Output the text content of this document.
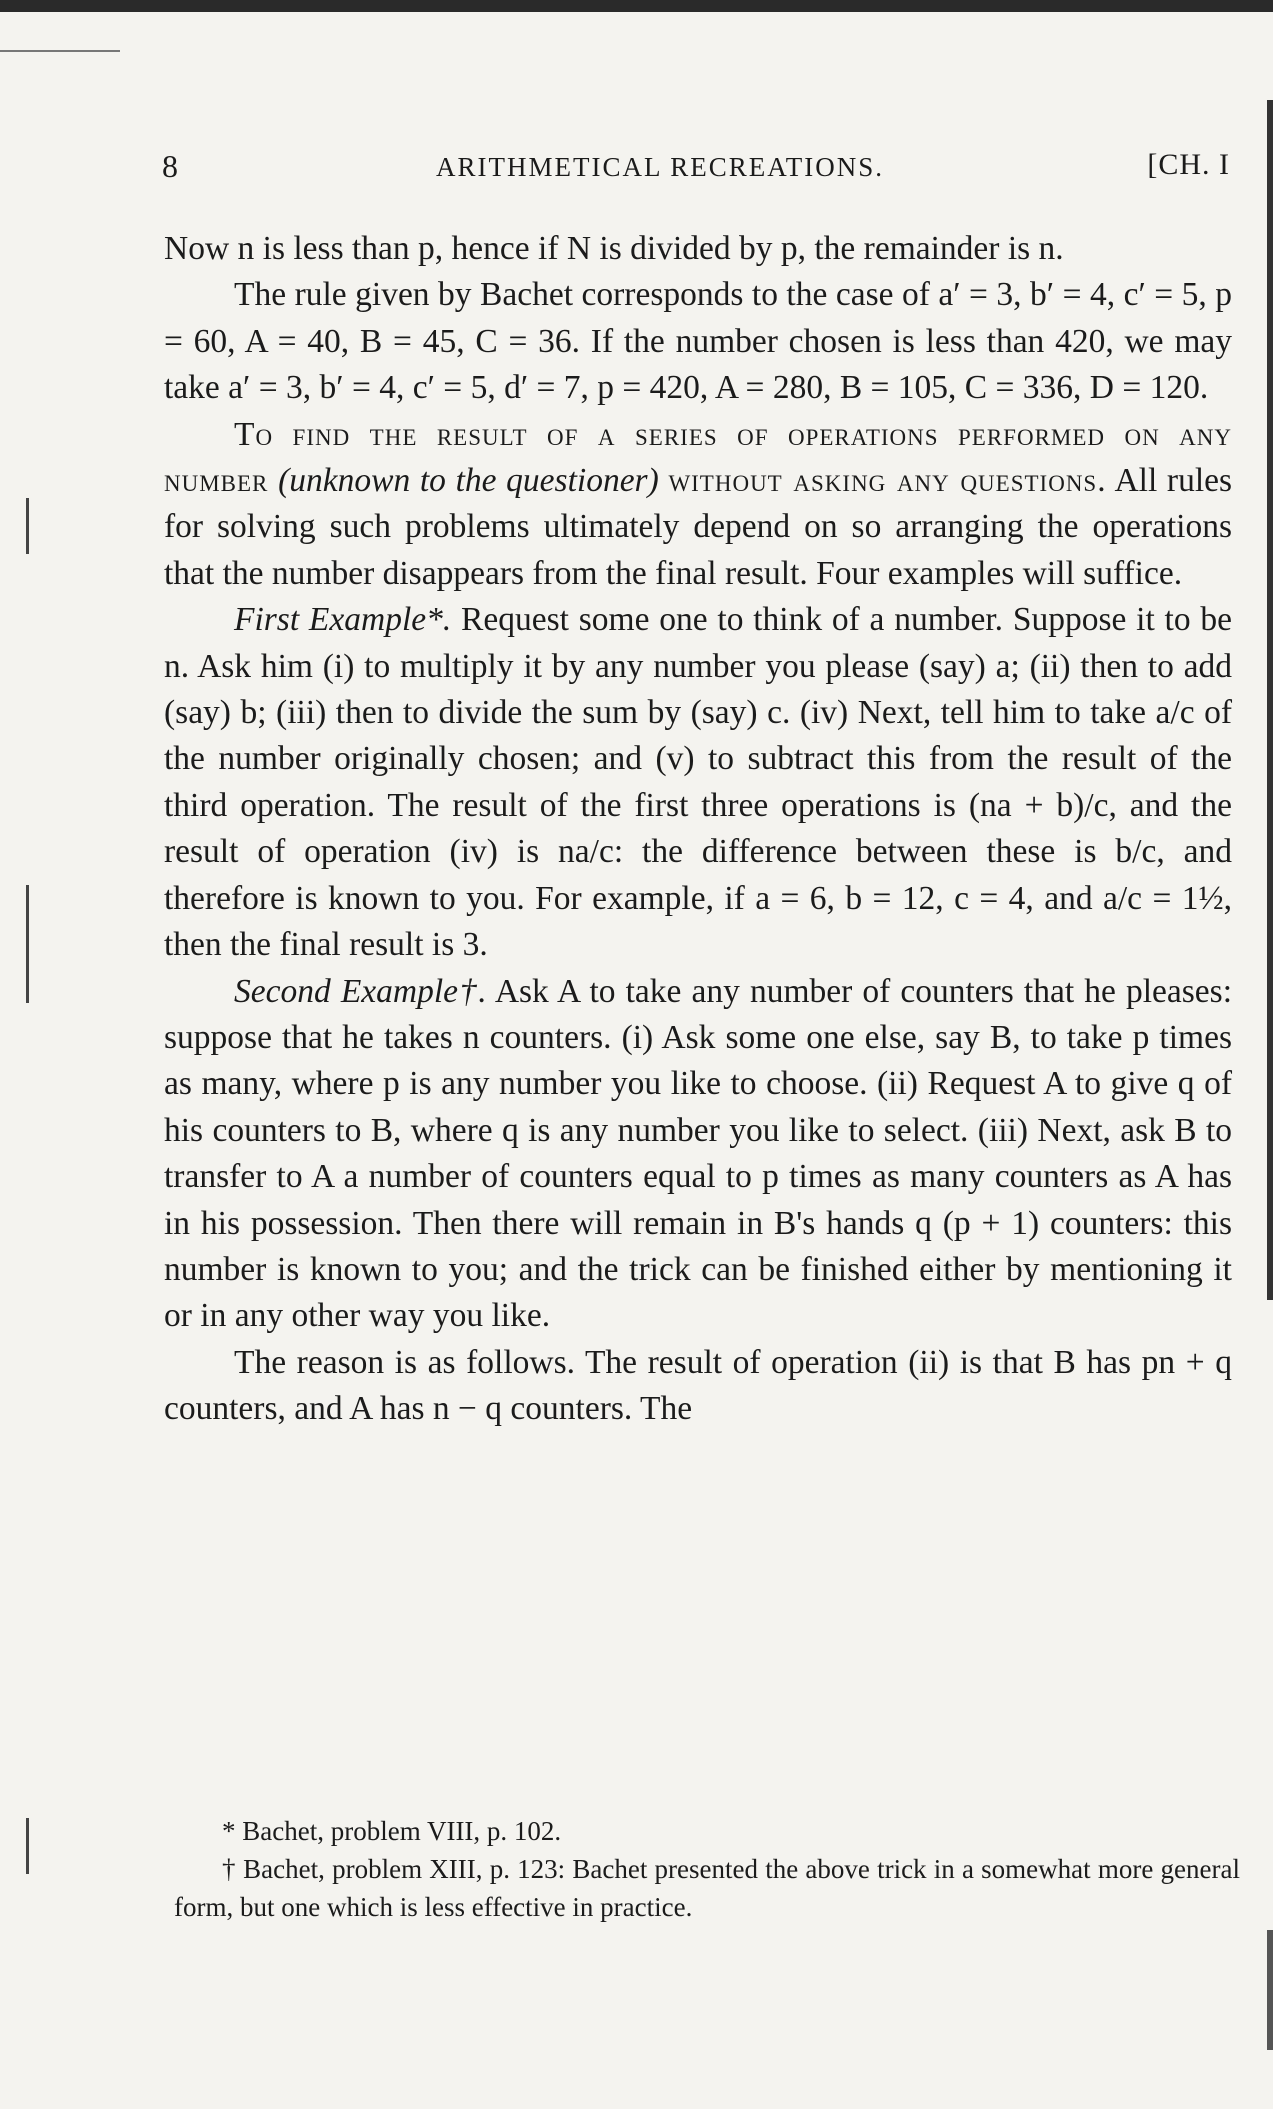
8	ARITHMETICAL RECREATIONS.	[CH. I

Now n is less than p, hence if N is divided by p, the remainder is n.

The rule given by Bachet corresponds to the case of a′ = 3, b′ = 4, c′ = 5, p = 60, A = 40, B = 45, C = 36. If the number chosen is less than 420, we may take a′ = 3, b′ = 4, c′ = 5, d′ = 7, p = 420, A = 280, B = 105, C = 336, D = 120.

To find the result of a series of operations performed on any number (unknown to the questioner) without asking any questions. All rules for solving such problems ultimately depend on so arranging the operations that the number disappears from the final result. Four examples will suffice.

First Example*. Request some one to think of a number. Suppose it to be n. Ask him (i) to multiply it by any number you please (say) a; (ii) then to add (say) b; (iii) then to divide the sum by (say) c. (iv) Next, tell him to take a/c of the number originally chosen; and (v) to subtract this from the result of the third operation. The result of the first three operations is (na + b)/c, and the result of operation (iv) is na/c: the difference between these is b/c, and therefore is known to you. For example, if a = 6, b = 12, c = 4, and a/c = 1½, then the final result is 3.

Second Example†. Ask A to take any number of counters that he pleases: suppose that he takes n counters. (i) Ask some one else, say B, to take p times as many, where p is any number you like to choose. (ii) Request A to give q of his counters to B, where q is any number you like to select. (iii) Next, ask B to transfer to A a number of counters equal to p times as many counters as A has in his possession. Then there will remain in B's hands q (p + 1) counters: this number is known to you; and the trick can be finished either by mentioning it or in any other way you like.

The reason is as follows. The result of operation (ii) is that B has pn + q counters, and A has n − q counters. The

* Bachet, problem VIII, p. 102.

† Bachet, problem XIII, p. 123: Bachet presented the above trick in a somewhat more general form, but one which is less effective in practice.
